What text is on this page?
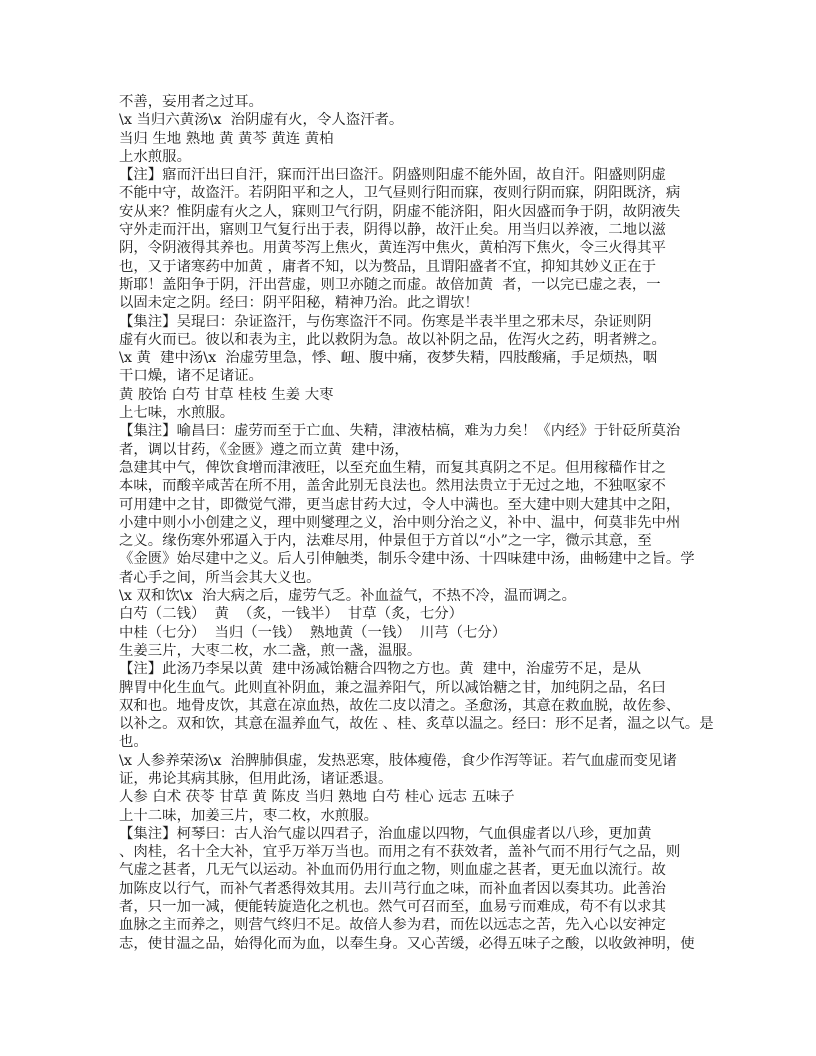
不善，妄用者之过耳。
\x 当归六黄汤\x  治阴虚有火，令人盗汗者。
当归 生地 熟地 黄 黄芩 黄连 黄柏
上水煎服。
【注】寤而汗出曰自汗，寐而汗出曰盗汗。阴盛则阳虚不能外固，故自汗。阳盛则阴虚
不能中守，故盗汗。若阴阳平和之人，卫气昼则行阳而寐，夜则行阴而寐，阴阳既济，病
安从来？惟阴虚有火之人，寐则卫气行阴，阴虚不能济阳，阳火因盛而争于阴，故阴液失
守外走而汗出，寤则卫气复行出于表，阴得以静，故汗止矣。用当归以养液，二地以滋
阴，令阴液得其养也。用黄芩泻上焦火，黄连泻中焦火，黄柏泻下焦火，令三火得其平
也，又于诸寒药中加黄 ，庸者不知，以为赘品，且谓阳盛者不宜，抑知其妙义正在于
斯耶！盖阳争于阴，汗出营虚，则卫亦随之而虚。故倍加黄  者，一以完已虚之表，一
以固未定之阴。经曰：阴平阳秘，精神乃治。此之谓欤！
【集注】吴琨曰：杂证盗汗，与伤寒盗汗不同。伤寒是半表半里之邪未尽，杂证则阴
虚有火而已。彼以和表为主，此以救阴为急。故以补阴之品，佐泻火之药，明者辨之。
\x 黄  建中汤\x  治虚劳里急，悸、衄、腹中痛，夜梦失精，四肢酸痛，手足烦热，咽
干口燥，诸不足诸证。
黄 胶饴 白芍 甘草 桂枝 生姜 大枣
上七味，水煎服。
【集注】喻昌曰：虚劳而至于亡血、失精，津液枯槁，难为力矣！《内经》于针砭所莫治
者，调以甘药，《金匮》遵之而立黄  建中汤，
急建其中气，俾饮食增而津液旺，以至充血生精，而复其真阴之不足。但用稼穑作甘之
本味，而酸辛咸苦在所不用，盖舍此别无良法也。然用法贵立于无过之地，不独呕家不
可用建中之甘，即微觉气滞，更当虑甘药大过，令人中满也。至大建中则大建其中之阳，
小建中则小小创建之义，理中则燮理之义，治中则分治之义，补中、温中，何莫非先中州
之义。缘伤寒外邪逼入于内，法难尽用，仲景但于方首以“小”之一字，微示其意，至
《金匮》始尽建中之义。后人引伸触类，制乐令建中汤、十四味建中汤，曲畅建中之旨。学
者心手之间，所当会其大义也。
\x 双和饮\x  治大病之后，虚劳气乏。补血益气，不热不冷，温而调之。
白芍（二钱）  黄  （炙，一钱半）  甘草（炙，七分）
中桂（七分）  当归（一钱）  熟地黄（一钱）  川芎（七分）
生姜三片，大枣二枚，水二盏，煎一盏，温服。
【注】此汤乃李杲以黄  建中汤减饴糖合四物之方也。黄  建中，治虚劳不足，是从
脾胃中化生血气。此则直补阴血，兼之温养阳气，所以减饴糖之甘，加纯阴之品，名曰
双和也。地骨皮饮，其意在凉血热，故佐二皮以清之。圣愈汤，其意在救血脱，故佐参、
以补之。双和饮，其意在温养血气，故佐 、桂、炙草以温之。经曰：形不足者，温之以气。是
也。
\x 人参养荣汤\x  治脾肺俱虚，发热恶寒，肢体瘦倦，食少作泻等证。若气血虚而变见诸
证，弗论其病其脉，但用此汤，诸证悉退。
人参 白术 茯苓 甘草 黄 陈皮 当归 熟地 白芍 桂心 远志 五味子
上十二味，加姜三片，枣二枚，水煎服。
【集注】柯琴曰：古人治气虚以四君子，治血虚以四物，气血俱虚者以八珍，更加黄
、肉桂，名十全大补，宜乎万举万当也。而用之有不获效者，盖补气而不用行气之品，则
气虚之甚者，几无气以运动。补血而仍用行血之物，则血虚之甚者，更无血以流行。故
加陈皮以行气，而补气者悉得效其用。去川芎行血之味，而补血者因以奏其功。此善治
者，只一加一减，便能转旋造化之机也。然气可召而至，血易亏而难成，苟不有以求其
血脉之主而养之，则营气终归不足。故倍人参为君，而佐以远志之苦，先入心以安神定
志，使甘温之品，始得化而为血，以奉生身。又心苦缓，必得五味子之酸，以收敛神明，使
